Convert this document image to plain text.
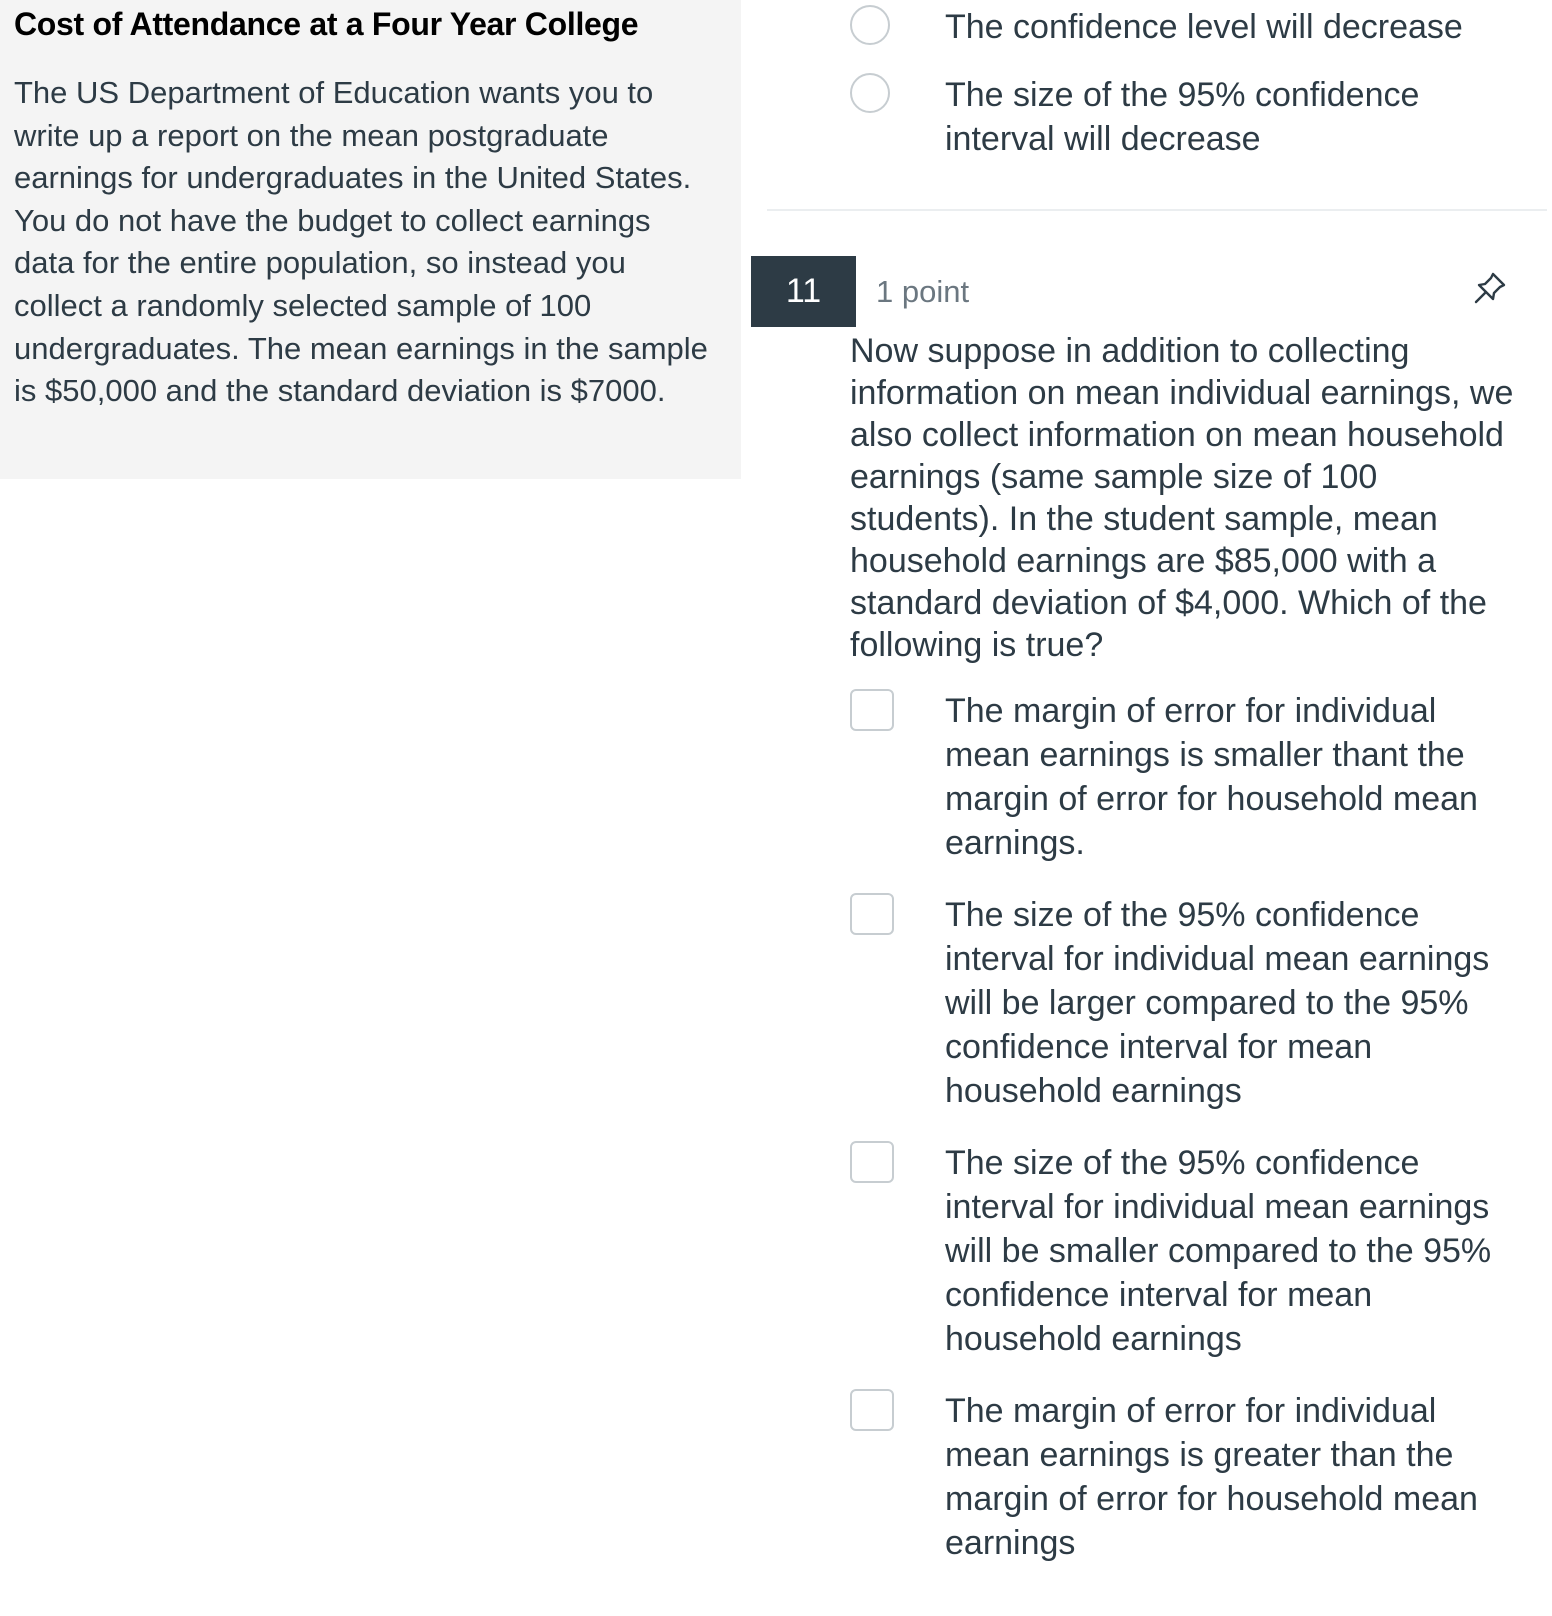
Cost of Attendance at a Four Year College
The US Department of Education wants you to write up a report on the mean postgraduate earnings for undergraduates in the United States. You do not have the budget to collect earnings data for the entire population, so instead you collect a randomly selected sample of 100 undergraduates. The mean earnings in the sample is $50,000 and the standard deviation is $7000.
The confidence level will decrease
The size of the 95% confidence interval will decrease
11	1 point

Now suppose in addition to collecting information on mean individual earnings, we also collect information on mean household earnings (same sample size of 100 students). In the student sample, mean household earnings are $85,000 with a standard deviation of $4,000. Which of the following is true?

The margin of error for individual mean earnings is smaller thant the margin of error for household mean earnings.
The size of the 95% confidence interval for individual mean earnings will be larger compared to the 95% confidence interval for mean household earnings
The size of the 95% confidence interval for individual mean earnings will be smaller compared to the 95% confidence interval for mean household earnings
The margin of error for individual mean earnings is greater than the margin of error for household mean earnings
